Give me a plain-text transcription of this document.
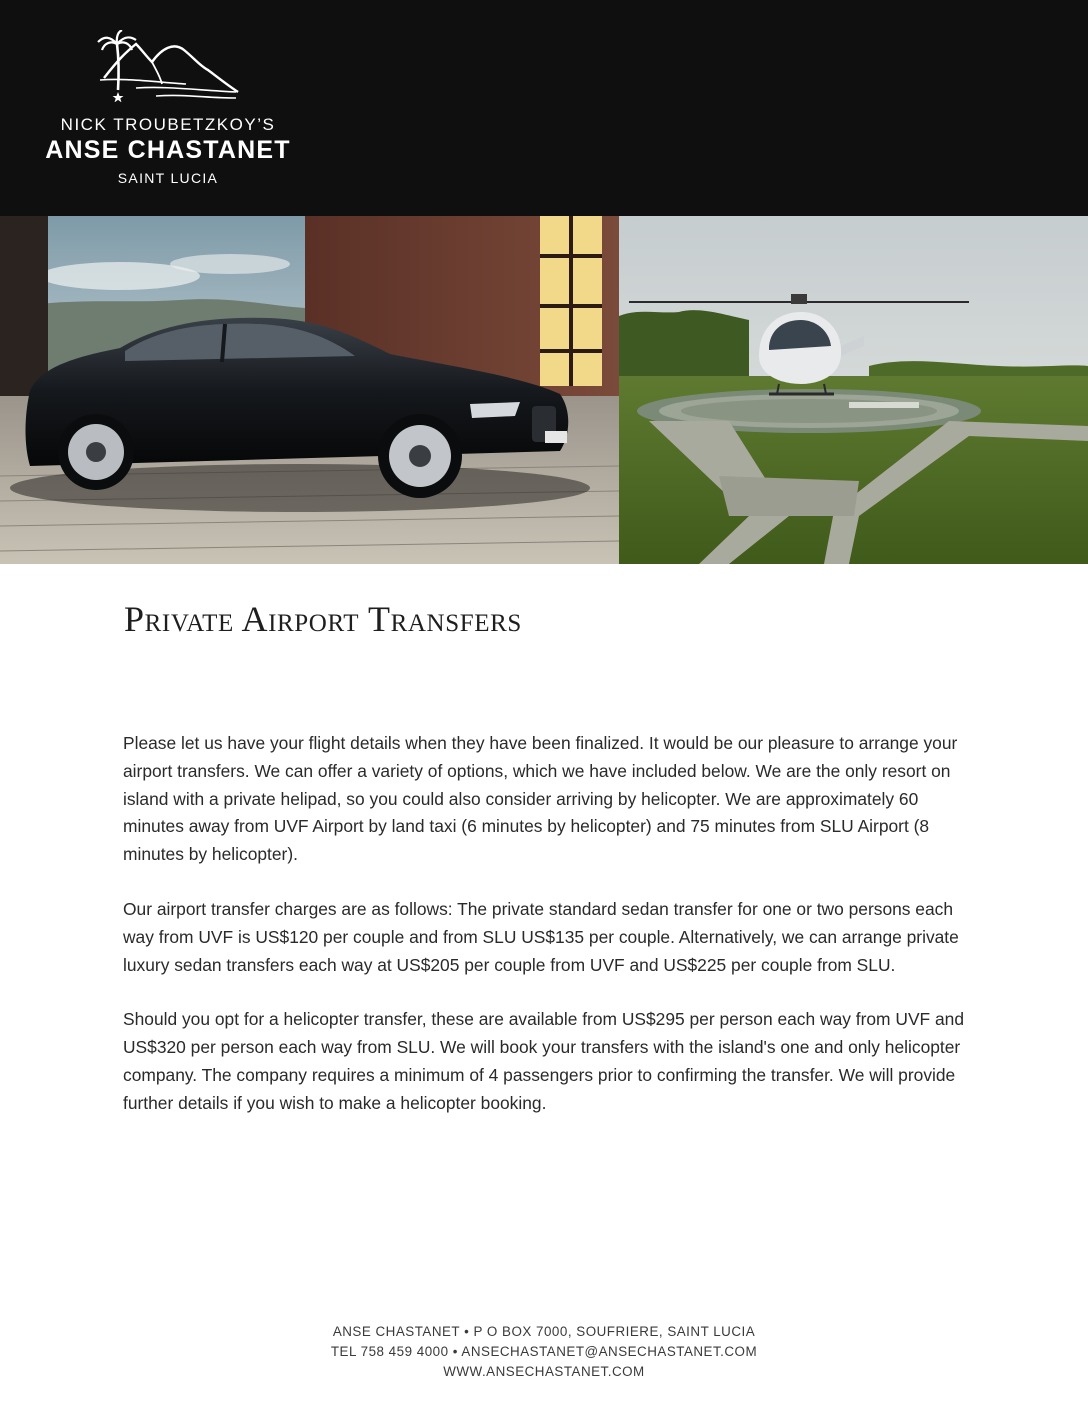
NICK TROUBETZKOY’S
ANSE CHASTANET
SAINT LUCIA
Private Airport Transfers

Please let us have your flight details when they have been finalized. It would be our pleasure to arrange your airport transfers. We can offer a variety of options, which we have included below. We are the only resort on island with a private helipad, so you could also consider arriving by helicopter. We are approximately 60 minutes away from UVF Airport by land taxi (6 minutes by helicopter) and 75 minutes from SLU Airport (8 minutes by helicopter).

Our airport transfer charges are as follows: The private standard sedan transfer for one or two persons each way from UVF is US$120 per couple and from SLU US$135 per couple. Alternatively, we can arrange private luxury sedan transfers each way at US$205 per couple from UVF and US$225 per couple from SLU.

Should you opt for a helicopter transfer, these are available from US$295 per person each way from UVF and US$320 per person each way from SLU. We will book your transfers with the island's one and only helicopter company. The company requires a minimum of 4 passengers prior to confirming the transfer. We will provide further details if you wish to make a helicopter booking.

ANSE CHASTANET • P O BOX 7000, SOUFRIERE, SAINT LUCIA
TEL 758 459 4000 • ANSECHASTANET@ANSECHASTANET.COM
WWW.ANSECHASTANET.COM
